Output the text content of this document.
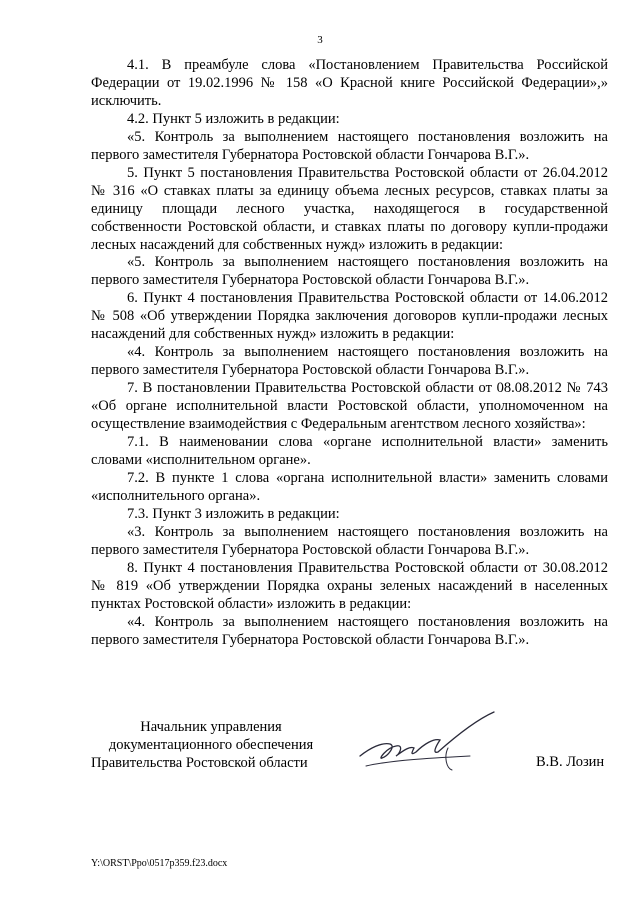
3

4.1. В преамбуле слова «Постановлением Правительства Российской Федерации от 19.02.1996 № 158 «О Красной книге Российской Федерации»,» исключить.

4.2. Пункт 5 изложить в редакции:

«5. Контроль за выполнением настоящего постановления возложить на первого заместителя Губернатора Ростовской области Гончарова В.Г.».

5. Пункт 5 постановления Правительства Ростовской области от 26.04.2012 № 316 «О ставках платы за единицу объема лесных ресурсов, ставках платы за единицу площади лесного участка, находящегося в государственной собственности Ростовской области, и ставках платы по договору купли-продажи лесных насаждений для собственных нужд» изложить в редакции:

«5. Контроль за выполнением настоящего постановления возложить на первого заместителя Губернатора Ростовской области Гончарова В.Г.».

6. Пункт 4 постановления Правительства Ростовской области от 14.06.2012 № 508 «Об утверждении Порядка заключения договоров купли-продажи лесных насаждений для собственных нужд» изложить в редакции:

«4. Контроль за выполнением настоящего постановления возложить на первого заместителя Губернатора Ростовской области Гончарова В.Г.».

7. В постановлении Правительства Ростовской области от 08.08.2012 № 743 «Об органе исполнительной власти Ростовской области, уполномоченном на осуществление взаимодействия с Федеральным агентством лесного хозяйства»:

7.1. В наименовании слова «органе исполнительной власти» заменить словами «исполнительном органе».

7.2. В пункте 1 слова «органа исполнительной власти» заменить словами «исполнительного органа».

7.3. Пункт 3 изложить в редакции:

«3. Контроль за выполнением настоящего постановления возложить на первого заместителя Губернатора Ростовской области Гончарова В.Г.».

8. Пункт 4 постановления Правительства Ростовской области от 30.08.2012 № 819 «Об утверждении Порядка охраны зеленых насаждений в населенных пунктах Ростовской области» изложить в редакции:

«4. Контроль за выполнением настоящего постановления возложить на первого заместителя Губернатора Ростовской области Гончарова В.Г.».

Начальник управления
документационного обеспечения
Правительства Ростовской области	В.В. Лозин
Y:\ORST\Ppo\0517p359.f23.docx
